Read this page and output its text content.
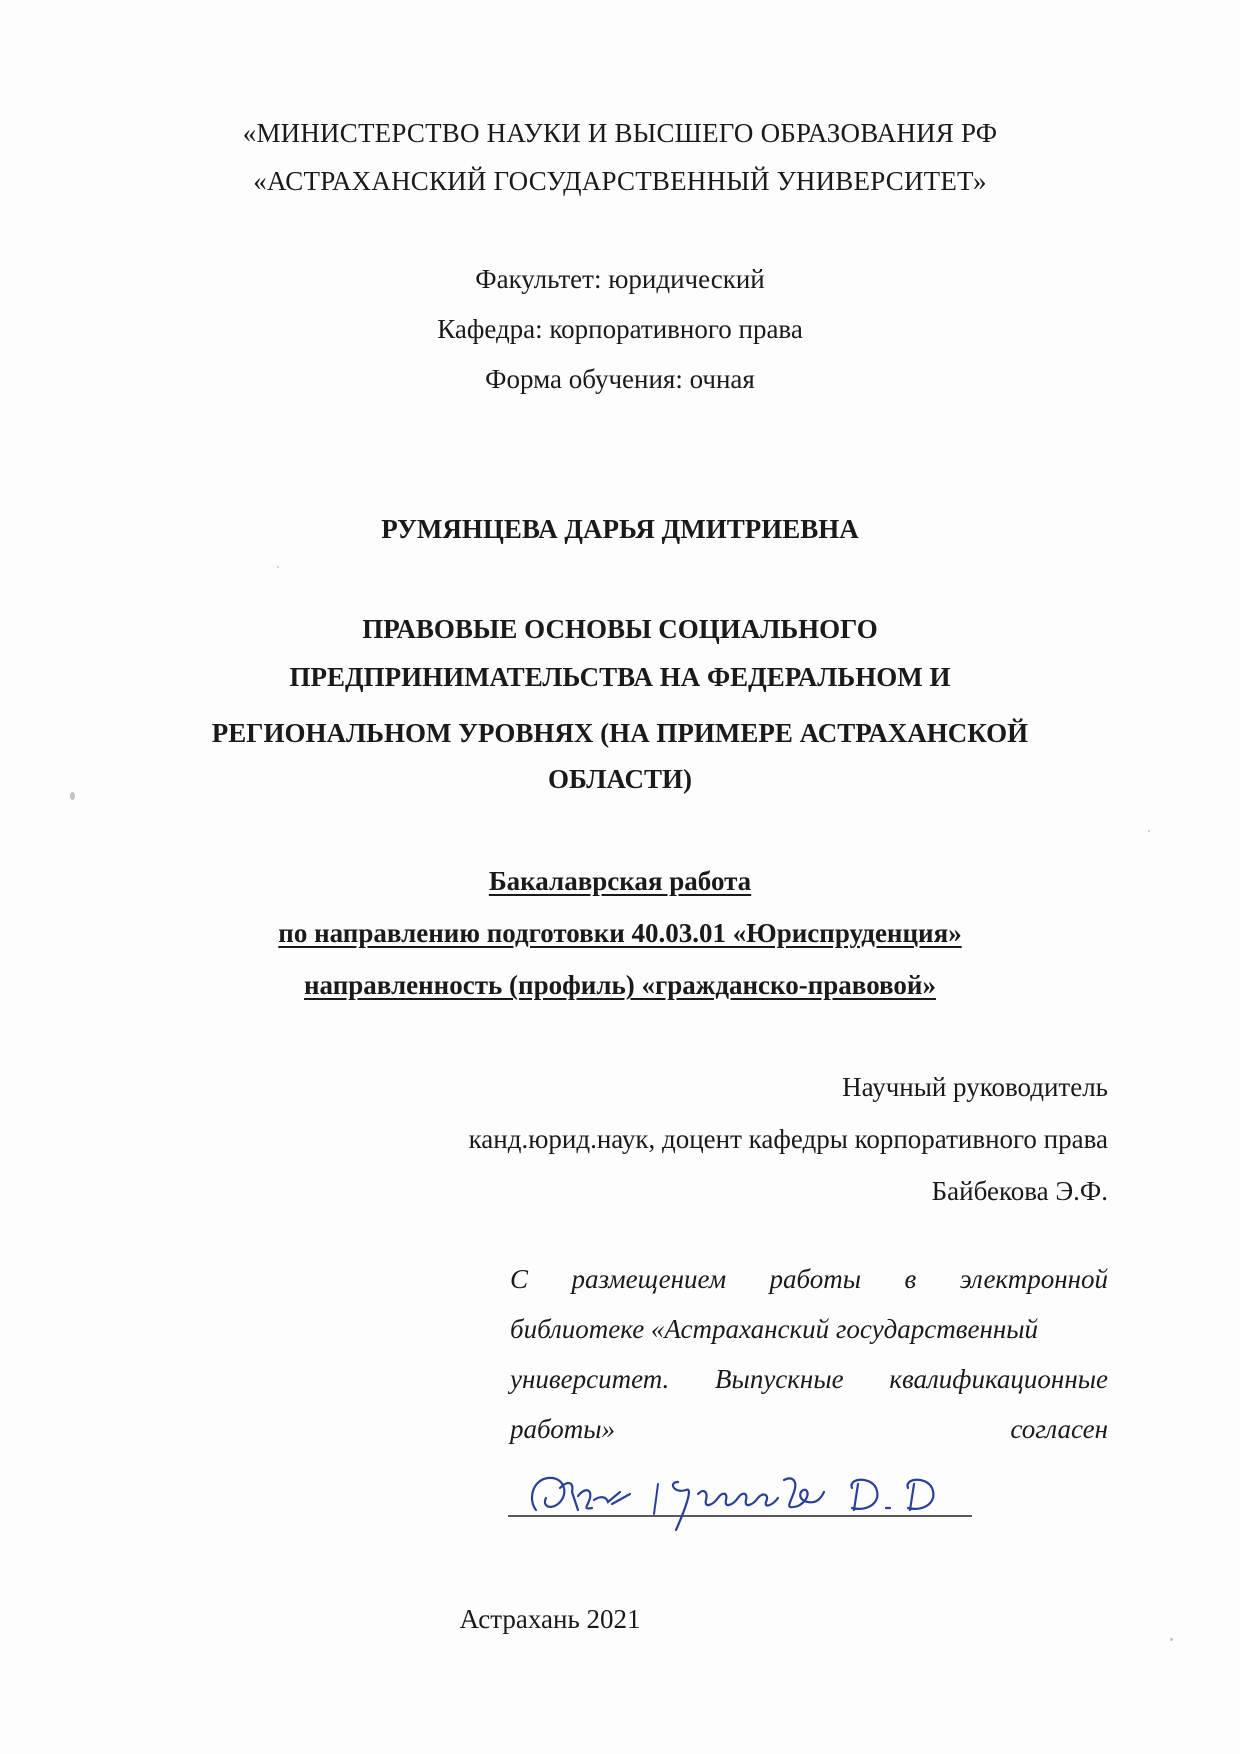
«МИНИСТЕРСТВО НАУКИ И ВЫСШЕГО ОБРАЗОВАНИЯ РФ
«АСТРАХАНСКИЙ ГОСУДАРСТВЕННЫЙ УНИВЕРСИТЕТ»
Факультет: юридический
Кафедра: корпоративного права
Форма обучения: очная
РУМЯНЦЕВА ДАРЬЯ ДМИТРИЕВНА
ПРАВОВЫЕ ОСНОВЫ СОЦИАЛЬНОГО
ПРЕДПРИНИМАТЕЛЬСТВА НА ФЕДЕРАЛЬНОМ И
РЕГИОНАЛЬНОМ УРОВНЯХ (НА ПРИМЕРЕ АСТРАХАНСКОЙ
ОБЛАСТИ)
Бакалаврская работа
по направлению подготовки 40.03.01 «Юриспруденция»
направленность (профиль) «гражданско-правовой»
Научный руководитель
канд.юрид.наук, доцент кафедры корпоративного права
Байбекова Э.Ф.
С размещением работы в электронной
библиотеке «Астраханский государственный
университет. Выпускные квалификационные
работы»	согласен
Астрахань 2021
